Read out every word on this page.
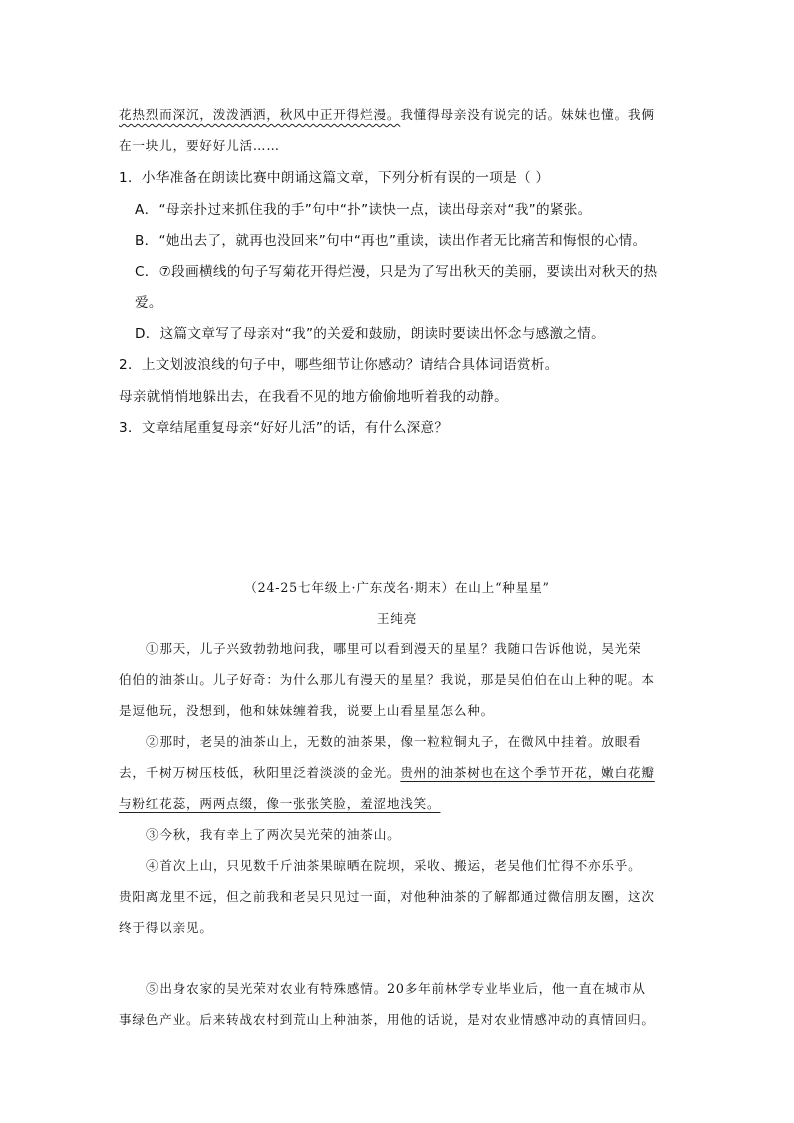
花热烈而深沉，泼泼洒洒，秋风中正开得烂漫。我懂得母亲没有说完的话。妹妹也懂。我俩
在一块儿，要好好儿活……
1．小华准备在朗读比赛中朗诵这篇文章，下列分析有误的一项是（ ）
A．“母亲扑过来抓住我的手”句中“扑”读快一点，读出母亲对“我”的紧张。
B．“她出去了，就再也没回来”句中“再也”重读，读出作者无比痛苦和悔恨的心情。
C．⑦段画横线的句子写菊花开得烂漫，只是为了写出秋天的美丽，要读出对秋天的热
爱。
D．这篇文章写了母亲对“我”的关爱和鼓励，朗读时要读出怀念与感激之情。
2．上文划波浪线的句子中，哪些细节让你感动？请结合具体词语赏析。
母亲就悄悄地躲出去，在我看不见的地方偷偷地听着我的动静。
3．文章结尾重复母亲“好好儿活”的话，有什么深意？
（24-25七年级上·广东茂名·期末）在山上“种星星”
王纯亮
①那天，儿子兴致勃勃地问我，哪里可以看到漫天的星星？我随口告诉他说，吴光荣
伯伯的油茶山。儿子好奇：为什么那儿有漫天的星星？我说，那是吴伯伯在山上种的呢。本
是逗他玩，没想到，他和妹妹缠着我，说要上山看星星怎么种。
②那时，老吴的油茶山上，无数的油茶果，像一粒粒铜丸子，在微风中挂着。放眼看
去，千树万树压枝低，秋阳里泛着淡淡的金光。贵州的油茶树也在这个季节开花，嫩白花瓣
与粉红花蕊，两两点缀，像一张张笑脸，羞涩地浅笑。
③今秋，我有幸上了两次吴光荣的油茶山。
④首次上山，只见数千斤油茶果晾晒在院坝，采收、搬运，老吴他们忙得不亦乐乎。
贵阳离龙里不远，但之前我和老吴只见过一面，对他种油茶的了解都通过微信朋友圈，这次
终于得以亲见。
⑤出身农家的吴光荣对农业有特殊感情。20多年前林学专业毕业后，他一直在城市从
事绿色产业。后来转战农村到荒山上种油茶，用他的话说，是对农业情感冲动的真情回归。
